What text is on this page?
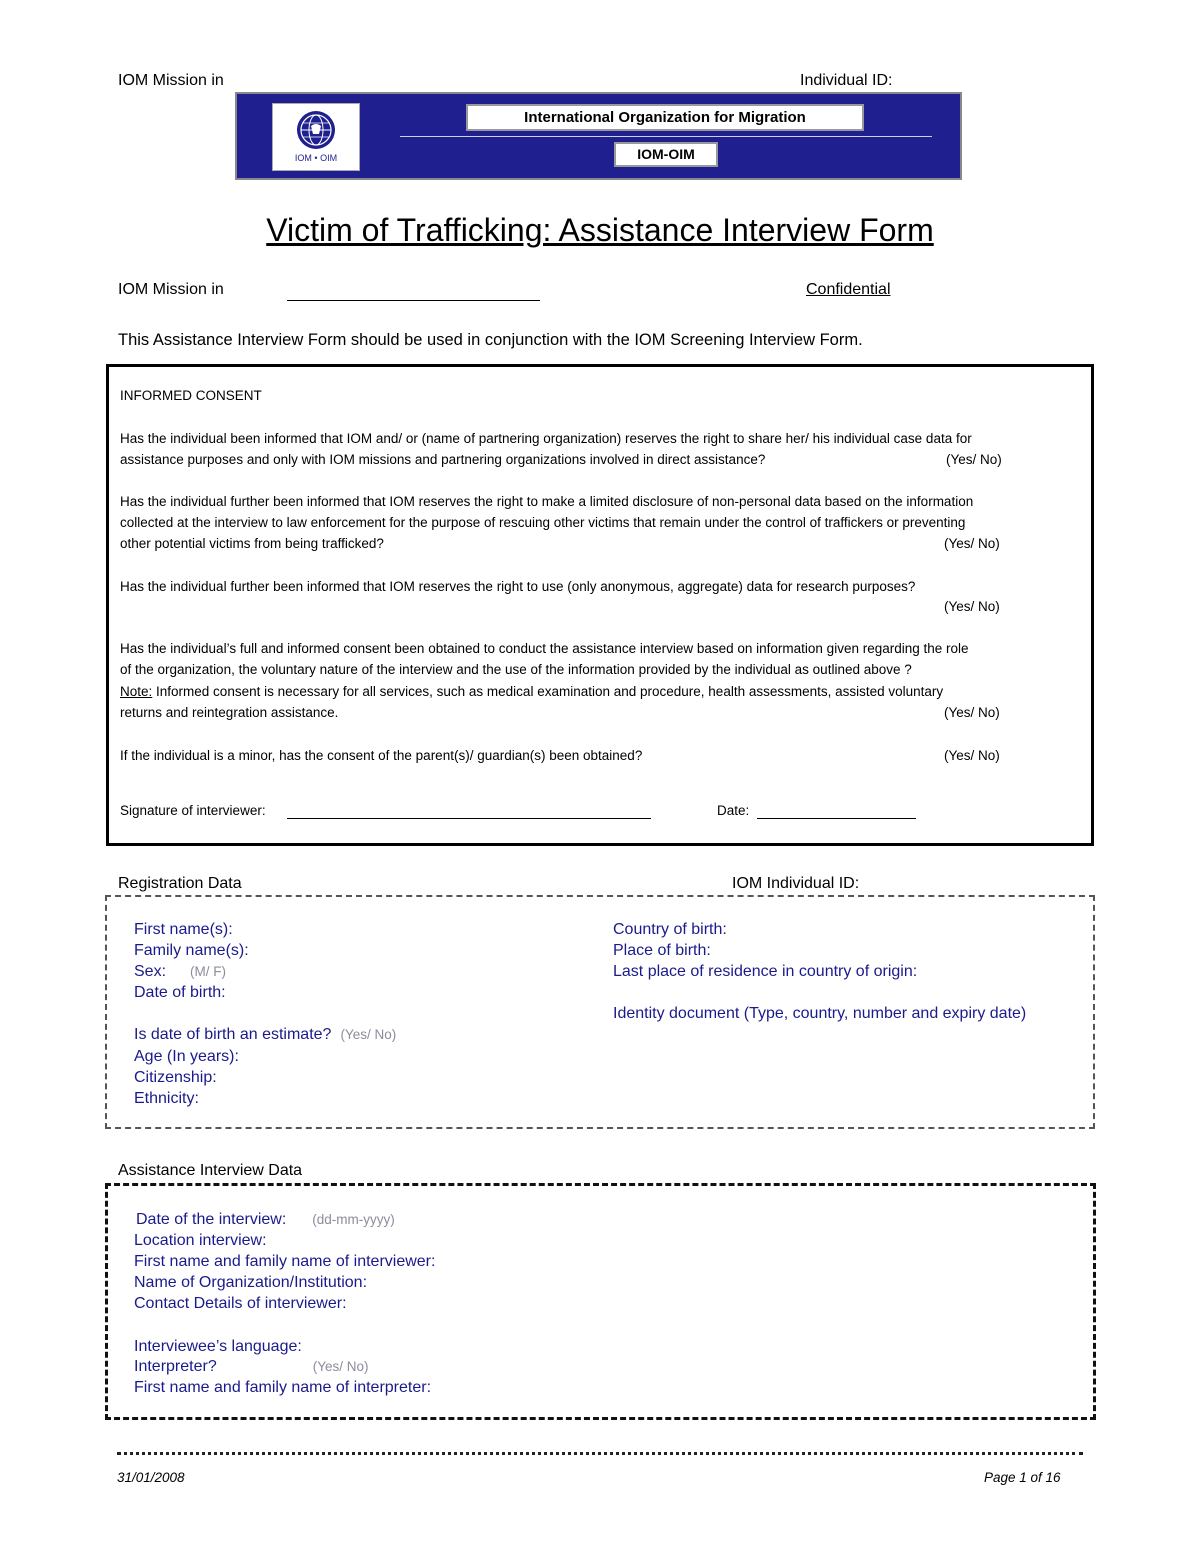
IOM Mission in	Individual ID:
IOM • OIM
International Organization for Migration
IOM-OIM
Victim of Trafficking: Assistance Interview Form
IOM Mission in	Confidential
This Assistance Interview Form should be used in conjunction with the IOM Screening Interview Form.
INFORMED CONSENT
Has the individual been informed that IOM and/ or (name of partnering organization) reserves the right to share her/ his individual case data for
assistance purposes and only with IOM missions and partnering organizations involved in direct assistance?	(Yes/ No)
Has the individual further been informed that IOM reserves the right to make a limited disclosure of non-personal data based on the information
collected at the interview to law enforcement for the purpose of rescuing other victims that remain under the control of traffickers or preventing
other potential victims from being trafficked?	(Yes/ No)
Has the individual further been informed that IOM reserves the right to use (only anonymous, aggregate) data for research purposes?
(Yes/ No)
Has the individual’s full and informed consent been obtained to conduct the assistance interview based on information given regarding the role
of the organization, the voluntary nature of the interview and the use of the information provided by the individual as outlined above ?
Note: Informed consent is necessary for all services, such as medical examination and procedure, health assessments, assisted voluntary
returns and reintegration assistance.	(Yes/ No)
If the individual is a minor, has the consent of the parent(s)/ guardian(s) been obtained?	(Yes/ No)
Signature of interviewer:	Date:
Registration Data	IOM Individual ID:
First name(s):
Family name(s):
Sex: (M/ F)
Date of birth:
Is date of birth an estimate? (Yes/ No)
Age (In years):
Citizenship:
Ethnicity:
Country of birth:
Place of birth:
Last place of residence in country of origin:
Identity document (Type, country, number and expiry date)
Assistance Interview Data
Date of the interview: (dd-mm-yyyy)
Location interview:
First name and family name of interviewer:
Name of Organization/Institution:
Contact Details of interviewer:
Interviewee’s language:
Interpreter?	(Yes/ No)
First name and family name of interpreter:
31/01/2008	Page 1 of 16
